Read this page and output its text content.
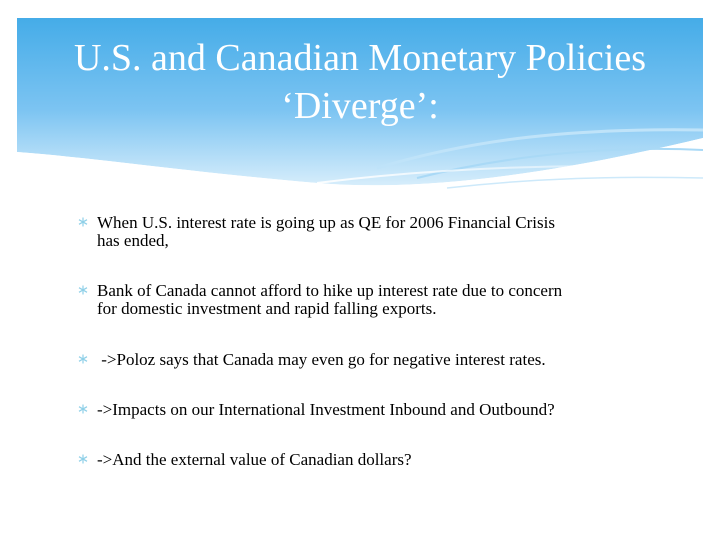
U.S. and Canadian Monetary Policies
‘Diverge’:
When U.S. interest rate is going up as QE for 2006 Financial Crisis
has ended,
Bank of Canada cannot afford to hike up interest rate due to concern
for domestic investment and rapid falling exports.
->Poloz says that Canada may even go for negative interest rates.
->Impacts on our International Investment Inbound and Outbound?
->And the external value of Canadian dollars?
